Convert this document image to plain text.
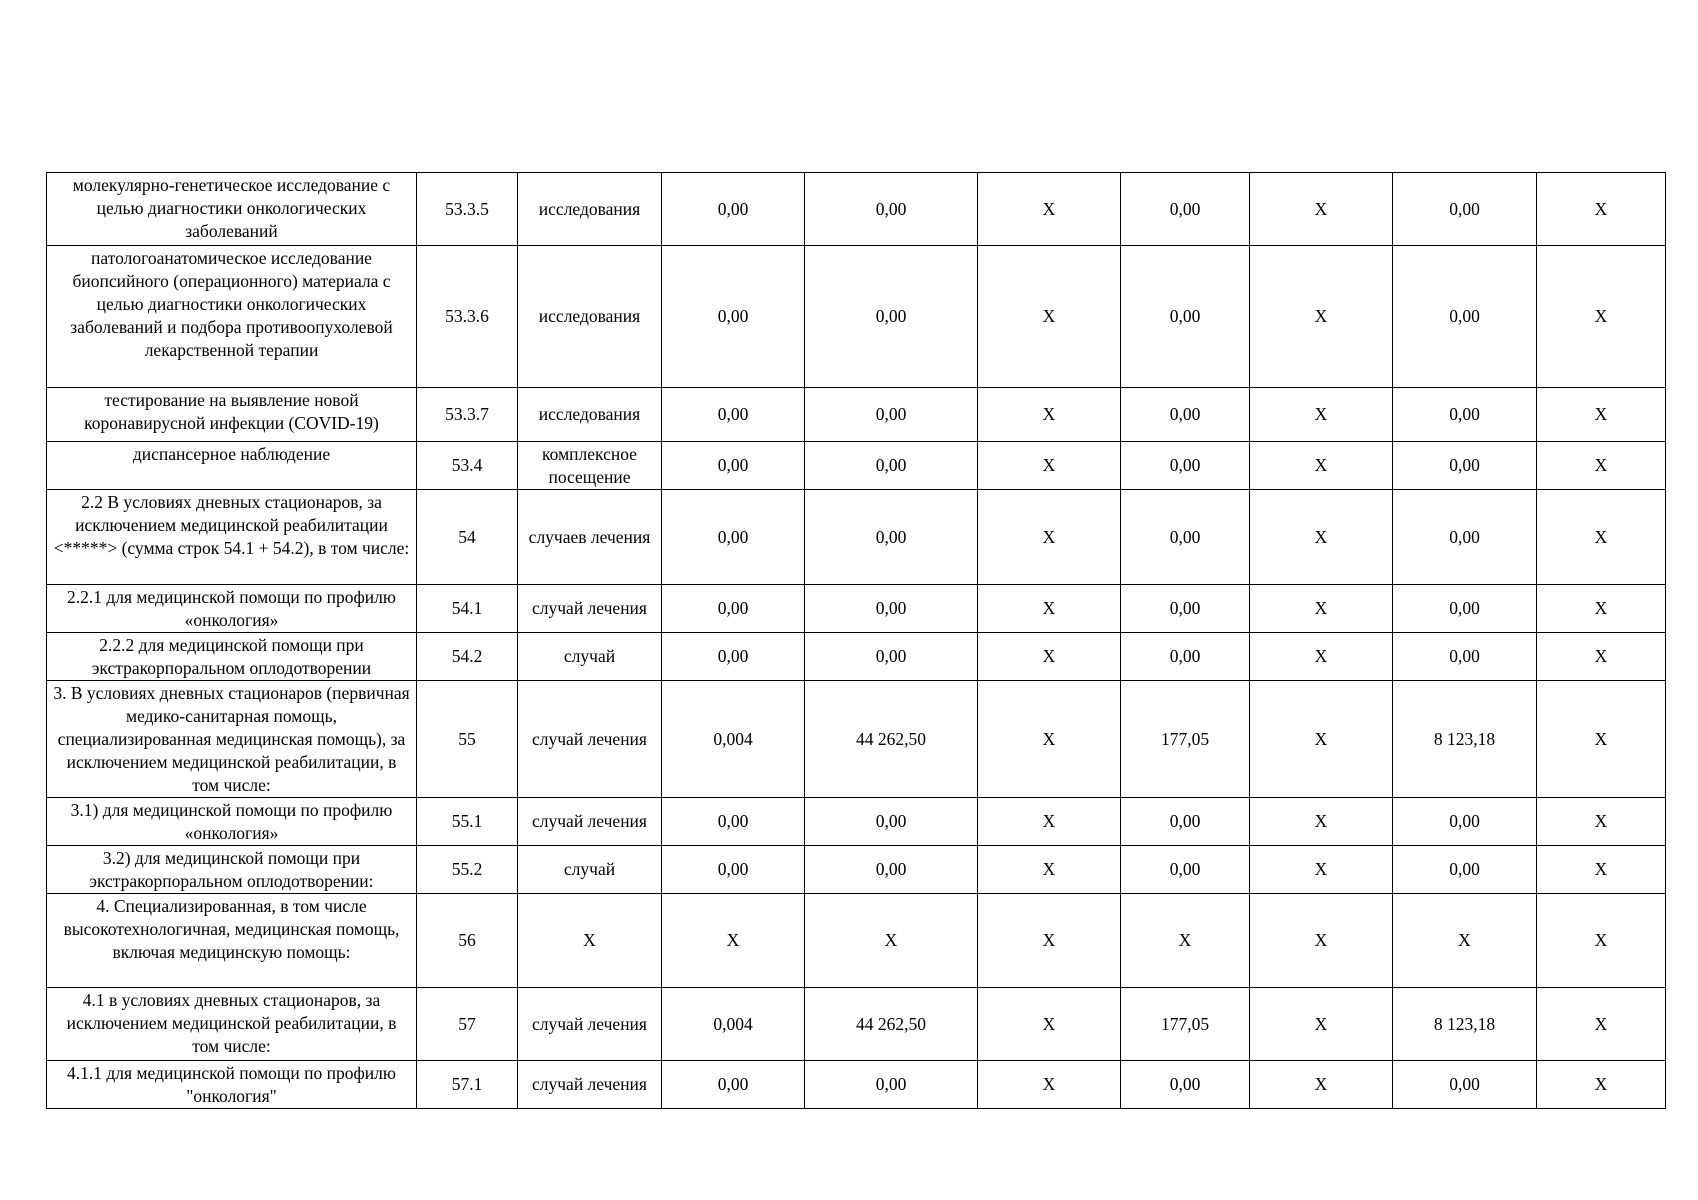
молекулярно-генетическое исследование с целью диагностики онкологических заболеваний	53.3.5	исследования	0,00	0,00	X	0,00	X	0,00	X
патологоанатомическое исследование биопсийного (операционного) материала с целью диагностики онкологических заболеваний и подбора противоопухолевой лекарственной терапии	53.3.6	исследования	0,00	0,00	X	0,00	X	0,00	X
тестирование на выявление новой коронавирусной инфекции (COVID-19)	53.3.7	исследования	0,00	0,00	X	0,00	X	0,00	X
диспансерное наблюдение	53.4	комплексное посещение	0,00	0,00	X	0,00	X	0,00	X
2.2 В условиях дневных стационаров, за исключением медицинской реабилитации <*****> (сумма строк 54.1 + 54.2), в том числе:	54	случаев лечения	0,00	0,00	X	0,00	X	0,00	X
2.2.1 для медицинской помощи по профилю «онкология»	54.1	случай лечения	0,00	0,00	X	0,00	X	0,00	X
2.2.2 для медицинской помощи при экстракорпоральном оплодотворении	54.2	случай	0,00	0,00	X	0,00	X	0,00	X
3. В условиях дневных стационаров (первичная медико-санитарная помощь, специализированная медицинская помощь), за исключением медицинской реабилитации, в том числе:	55	случай лечения	0,004	44 262,50	X	177,05	X	8 123,18	X
3.1) для медицинской помощи по профилю «онкология»	55.1	случай лечения	0,00	0,00	X	0,00	X	0,00	X
3.2) для медицинской помощи при экстракорпоральном оплодотворении:	55.2	случай	0,00	0,00	X	0,00	X	0,00	X
4. Специализированная, в том числе высокотехнологичная, медицинская помощь, включая медицинскую помощь:	56	X	X	X	X	X	X	X	X
4.1 в условиях дневных стационаров, за исключением медицинской реабилитации, в том числе:	57	случай лечения	0,004	44 262,50	X	177,05	X	8 123,18	X
4.1.1 для медицинской помощи по профилю "онкология"	57.1	случай лечения	0,00	0,00	X	0,00	X	0,00	X
